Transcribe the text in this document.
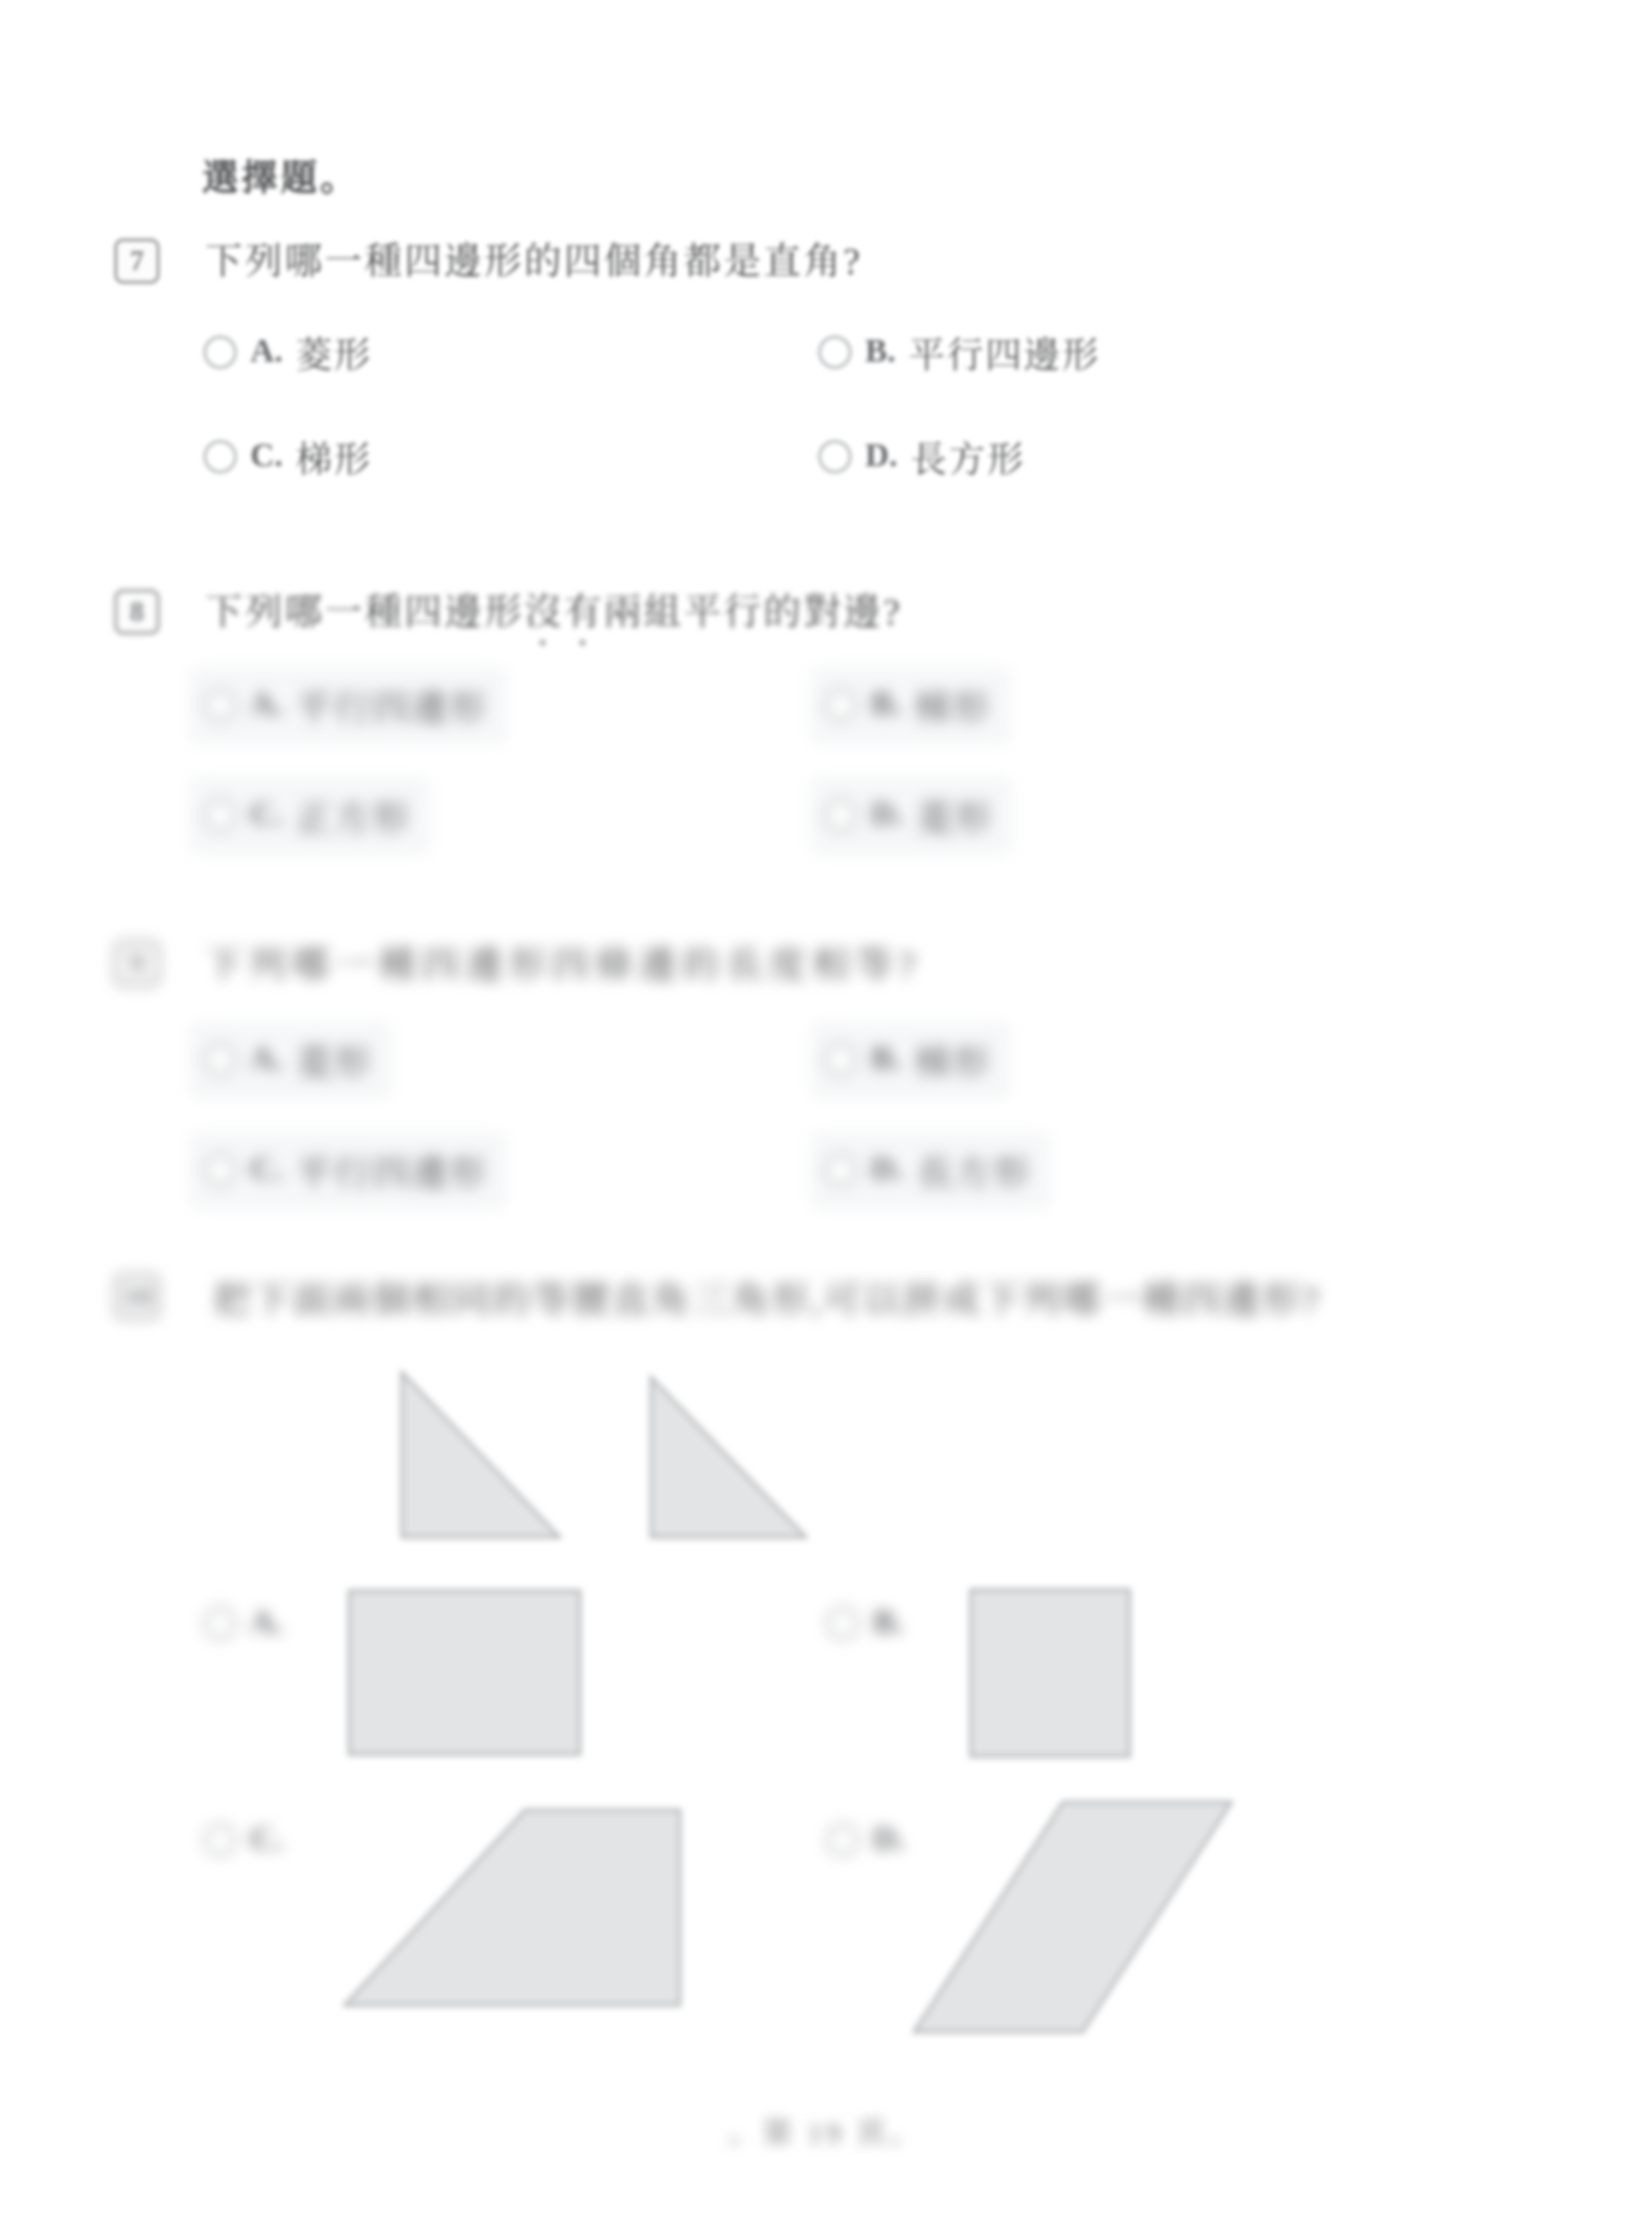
選擇題。
7	下列哪一種四邊形的四個角都是直角?
A. 菱形	B. 平行四邊形
C. 梯形	D. 長方形
8	下列哪一種四邊形沒有兩組平行的對邊?
A. 平行四邊形	B. 梯形
C. 正方形	D. 菱形
9	下列哪一種四邊形四條邊的長度相等?
A. 菱形	B. 梯形
C. 平行四邊形	D. 長方形
10 把下面兩個相同的等腰直角三角形,可以拼成下列哪一種四邊形?
A.	B.
C.	D.
。第 19 頁。
